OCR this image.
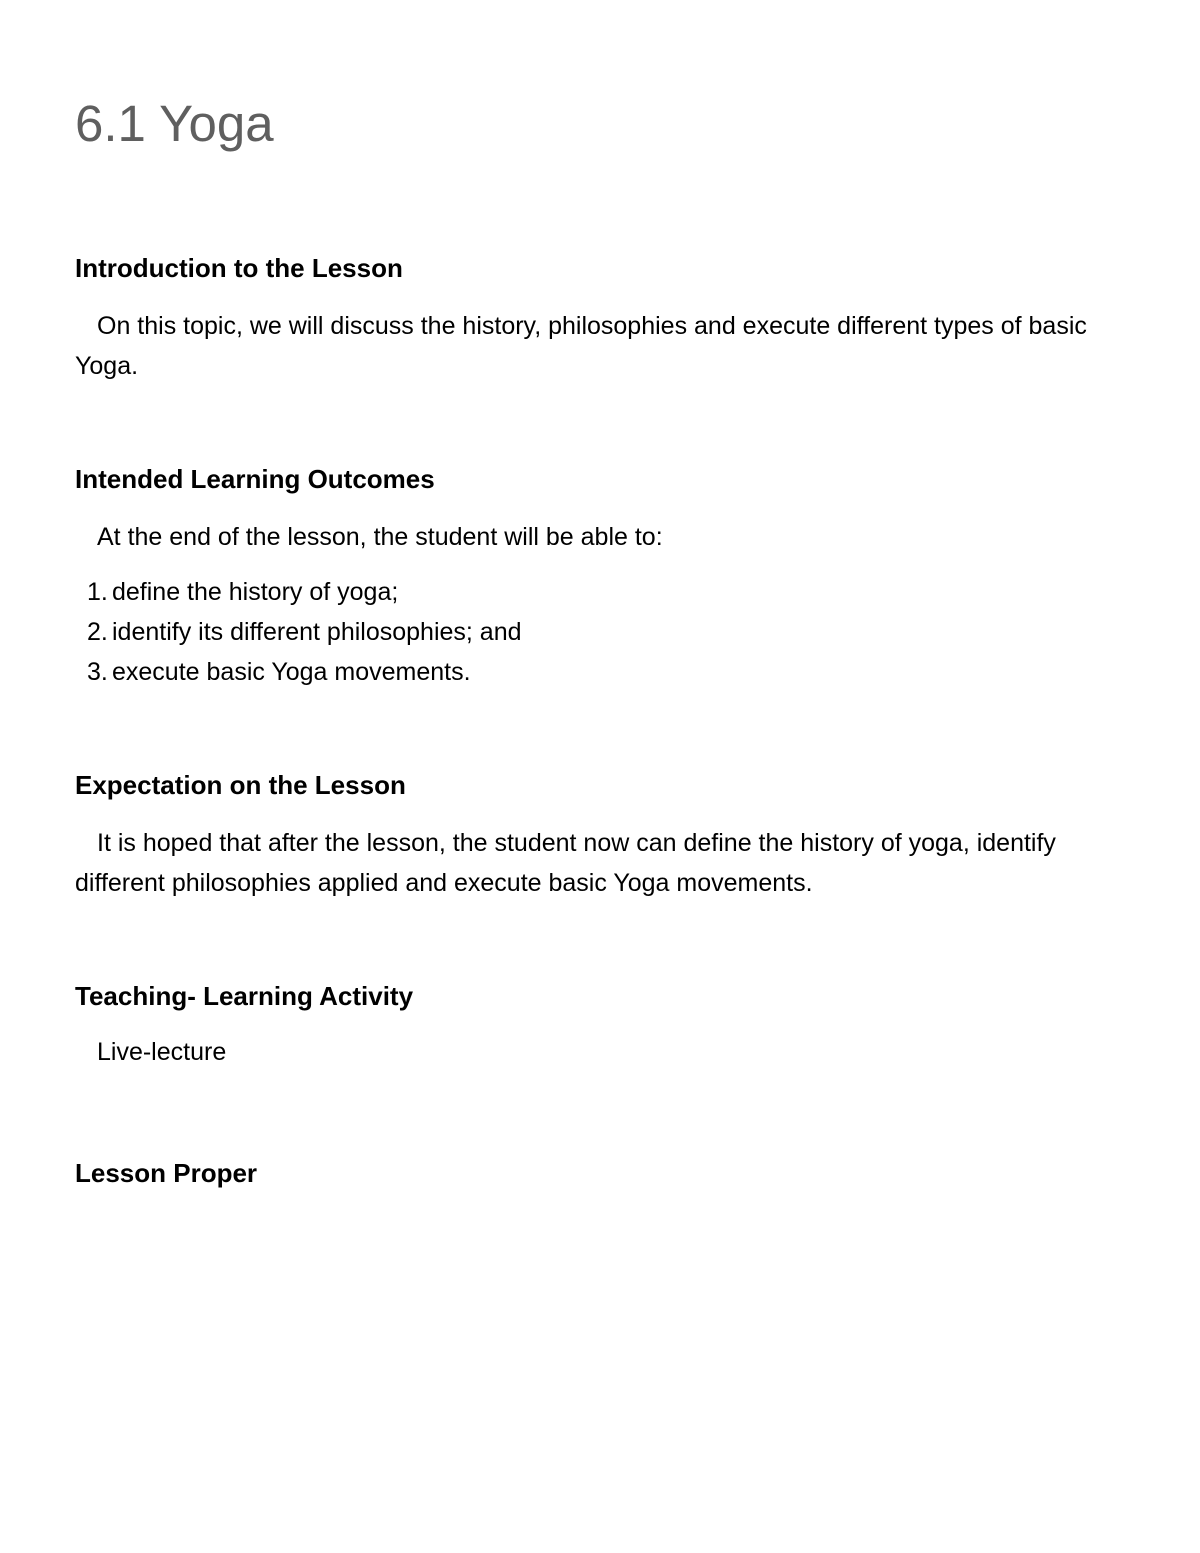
6.1 Yoga
Introduction to the Lesson

On this topic, we will discuss the history, philosophies and execute different types of basic Yoga.

Intended Learning Outcomes

At the end of the lesson, the student will be able to:

1. define the history of yoga;
2. identify its different philosophies; and
3. execute basic Yoga movements.
Expectation on the Lesson

It is hoped that after the lesson, the student now can define the history of yoga, identify different philosophies applied and execute basic Yoga movements.

Teaching- Learning Activity

Live-lecture

Lesson Proper
